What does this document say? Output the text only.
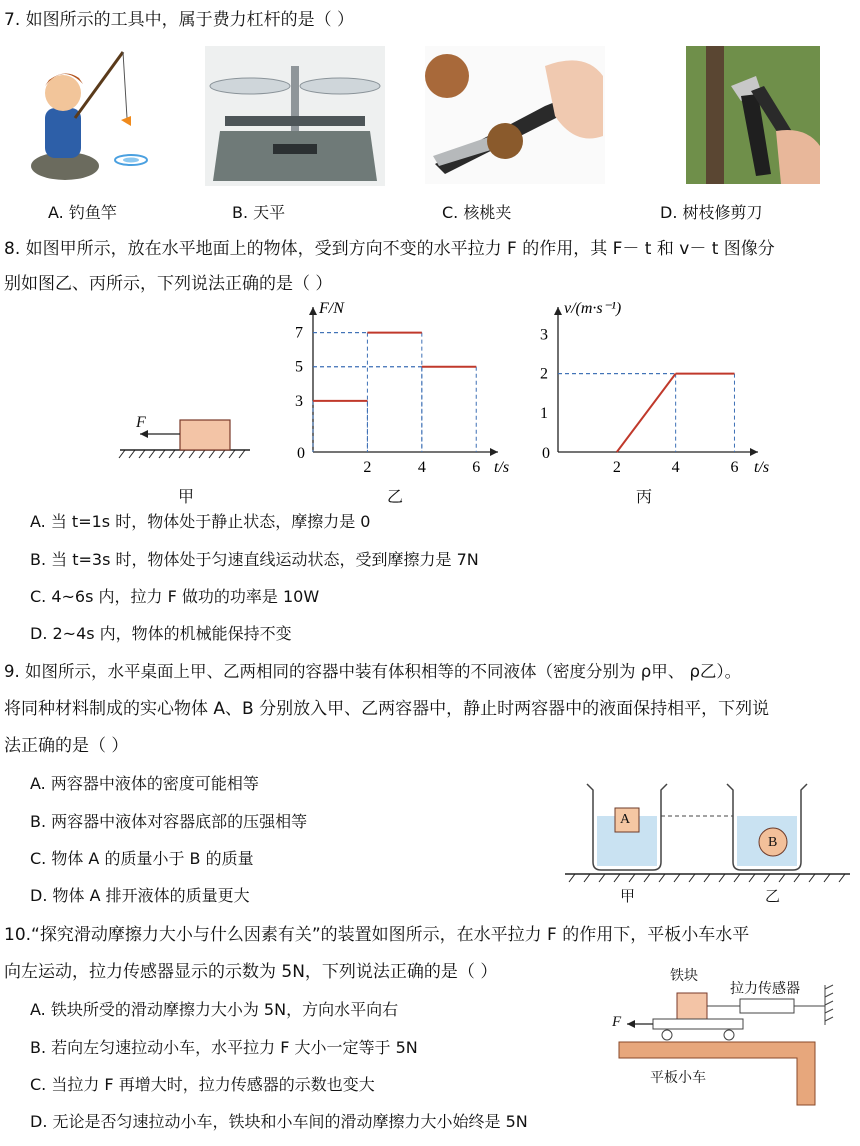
7. 如图所示的工具中，属于费力杠杆的是（ ）
A. 钓鱼竿	B. 天平	C. 核桃夹	D. 树枝修剪刀
8. 如图甲所示，放在水平地面上的物体，受到方向不变的水平拉力 F 的作用，其 F－ t 和 v－ t 图像分
别如图乙、丙所示，下列说法正确的是（ ）
F
甲
F/N
t/s
0
2	4	6
3
5
7
乙
v/(m·s⁻¹)
t/s
0
2	4	6
1
2
3
丙
A. 当 t=1s 时，物体处于静止状态，摩擦力是 0
B. 当 t=3s 时，物体处于匀速直线运动状态，受到摩擦力是 7N
C. 4~6s 内，拉力 F 做功的功率是 10W
D. 2~4s 内，物体的机械能保持不变
9. 如图所示，水平桌面上甲、乙两相同的容器中装有体积相等的不同液体（密度分别为 ρ甲、 ρ乙）。
将同种材料制成的实心物体 A、B 分别放入甲、乙两容器中，静止时两容器中的液面保持相平，下列说
法正确的是（ ）
A. 两容器中液体的密度可能相等
B. 两容器中液体对容器底部的压强相等
C. 物体 A 的质量小于 B 的质量
D. 物体 A 排开液体的质量更大
A
B
甲	乙
10.“探究滑动摩擦力大小与什么因素有关”的装置如图所示，在水平拉力 F 的作用下，平板小车水平
向左运动，拉力传感器显示的示数为 5N，下列说法正确的是（ ）
A. 铁块所受的滑动摩擦力大小为 5N，方向水平向右
B. 若向左匀速拉动小车，水平拉力 F 大小一定等于 5N
C. 当拉力 F 再增大时，拉力传感器的示数也变大
D. 无论是否匀速拉动小车，铁块和小车间的滑动摩擦力大小始终是 5N
铁块
拉力传感器
F
平板小车
